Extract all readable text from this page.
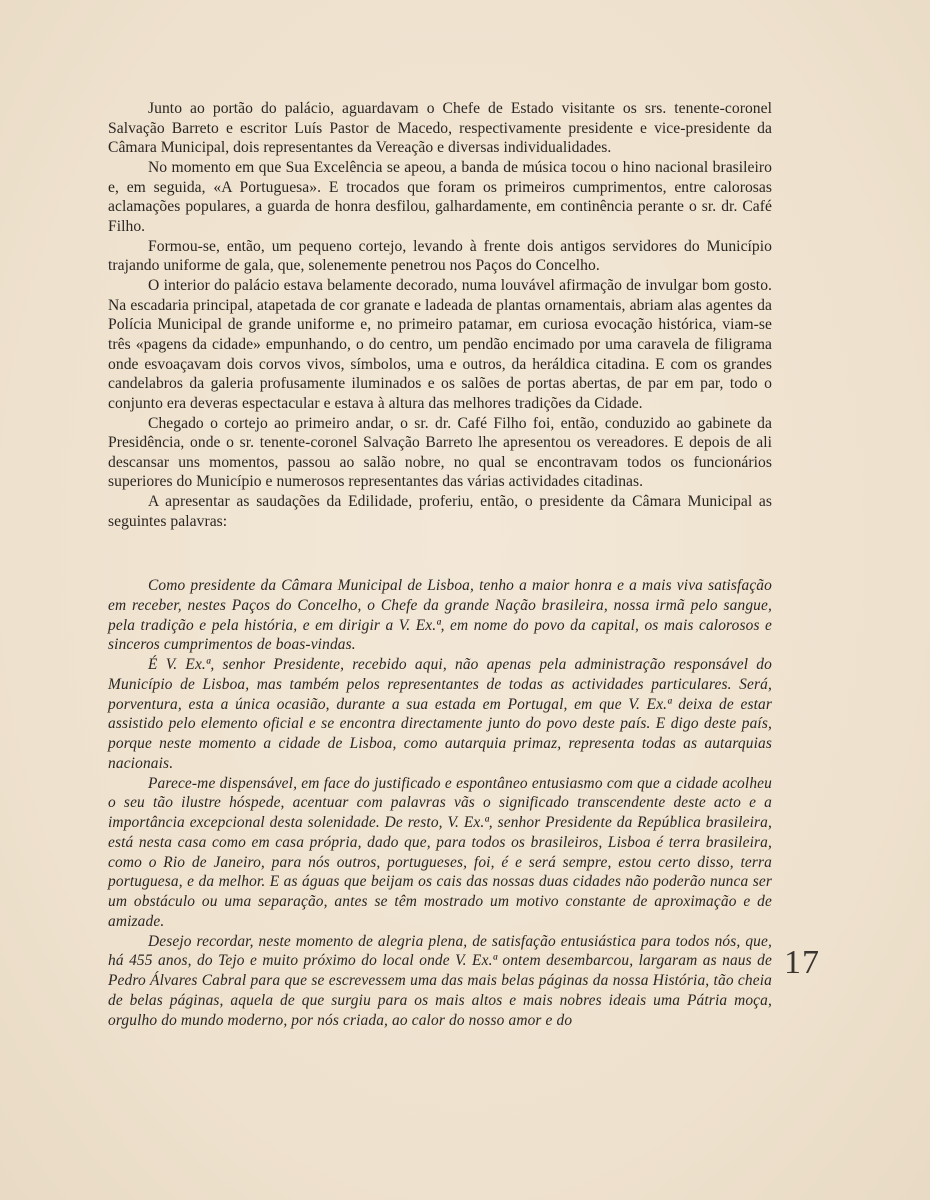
Junto ao portão do palácio, aguardavam o Chefe de Estado visitante os srs. tenente-coronel Salvação Barreto e escritor Luís Pastor de Macedo, respectivamente presidente e vice-presidente da Câmara Municipal, dois representantes da Vereação e diversas individualidades.

No momento em que Sua Excelência se apeou, a banda de música tocou o hino nacional brasileiro e, em seguida, «A Portuguesa». E trocados que foram os primeiros cumprimentos, entre calorosas aclamações populares, a guarda de honra desfilou, galhardamente, em continência perante o sr. dr. Café Filho.

Formou-se, então, um pequeno cortejo, levando à frente dois antigos servidores do Município trajando uniforme de gala, que, solenemente penetrou nos Paços do Concelho.

O interior do palácio estava belamente decorado, numa louvável afirmação de invulgar bom gosto. Na escadaria principal, atapetada de cor granate e ladeada de plantas ornamentais, abriam alas agentes da Polícia Municipal de grande uniforme e, no primeiro patamar, em curiosa evocação histórica, viam-se três «pagens da cidade» empunhando, o do centro, um pendão encimado por uma caravela de filigrama onde esvoaçavam dois corvos vivos, símbolos, uma e outros, da heráldica citadina. E com os grandes candelabros da galeria profusamente iluminados e os salões de portas abertas, de par em par, todo o conjunto era deveras espectacular e estava à altura das melhores tradições da Cidade.

Chegado o cortejo ao primeiro andar, o sr. dr. Café Filho foi, então, conduzido ao gabinete da Presidência, onde o sr. tenente-coronel Salvação Barreto lhe apresentou os vereadores. E depois de ali descansar uns momentos, passou ao salão nobre, no qual se encontravam todos os funcionários superiores do Município e numerosos representantes das várias actividades citadinas.

A apresentar as saudações da Edilidade, proferiu, então, o presidente da Câmara Municipal as seguintes palavras:

Como presidente da Câmara Municipal de Lisboa, tenho a maior honra e a mais viva satisfação em receber, nestes Paços do Concelho, o Chefe da grande Nação brasileira, nossa irmã pelo sangue, pela tradição e pela história, e em dirigir a V. Ex.ª, em nome do povo da capital, os mais calorosos e sinceros cumprimentos de boas-vindas.

É V. Ex.ª, senhor Presidente, recebido aqui, não apenas pela administração responsável do Município de Lisboa, mas também pelos representantes de todas as actividades particulares. Será, porventura, esta a única ocasião, durante a sua estada em Portugal, em que V. Ex.ª deixa de estar assistido pelo elemento oficial e se encontra directamente junto do povo deste país. E digo deste país, porque neste momento a cidade de Lisboa, como autarquia primaz, representa todas as autarquias nacionais.

Parece-me dispensável, em face do justificado e espontâneo entusiasmo com que a cidade acolheu o seu tão ilustre hóspede, acentuar com palavras vãs o significado transcendente deste acto e a importância excepcional desta solenidade. De resto, V. Ex.ª, senhor Presidente da República brasileira, está nesta casa como em casa própria, dado que, para todos os brasileiros, Lisboa é terra brasileira, como o Rio de Janeiro, para nós outros, portugueses, foi, é e será sempre, estou certo disso, terra portuguesa, e da melhor. E as águas que beijam os cais das nossas duas cidades não poderão nunca ser um obstáculo ou uma separação, antes se têm mostrado um motivo constante de aproximação e de amizade.

Desejo recordar, neste momento de alegria plena, de satisfação entusiástica para todos nós, que, há 455 anos, do Tejo e muito próximo do local onde V. Ex.ª ontem desembarcou, largaram as naus de Pedro Álvares Cabral para que se escrevessem uma das mais belas páginas da nossa História, tão cheia de belas páginas, aquela de que surgiu para os mais altos e mais nobres ideais uma Pátria moça, orgulho do mundo moderno, por nós criada, ao calor do nosso amor e do

17
